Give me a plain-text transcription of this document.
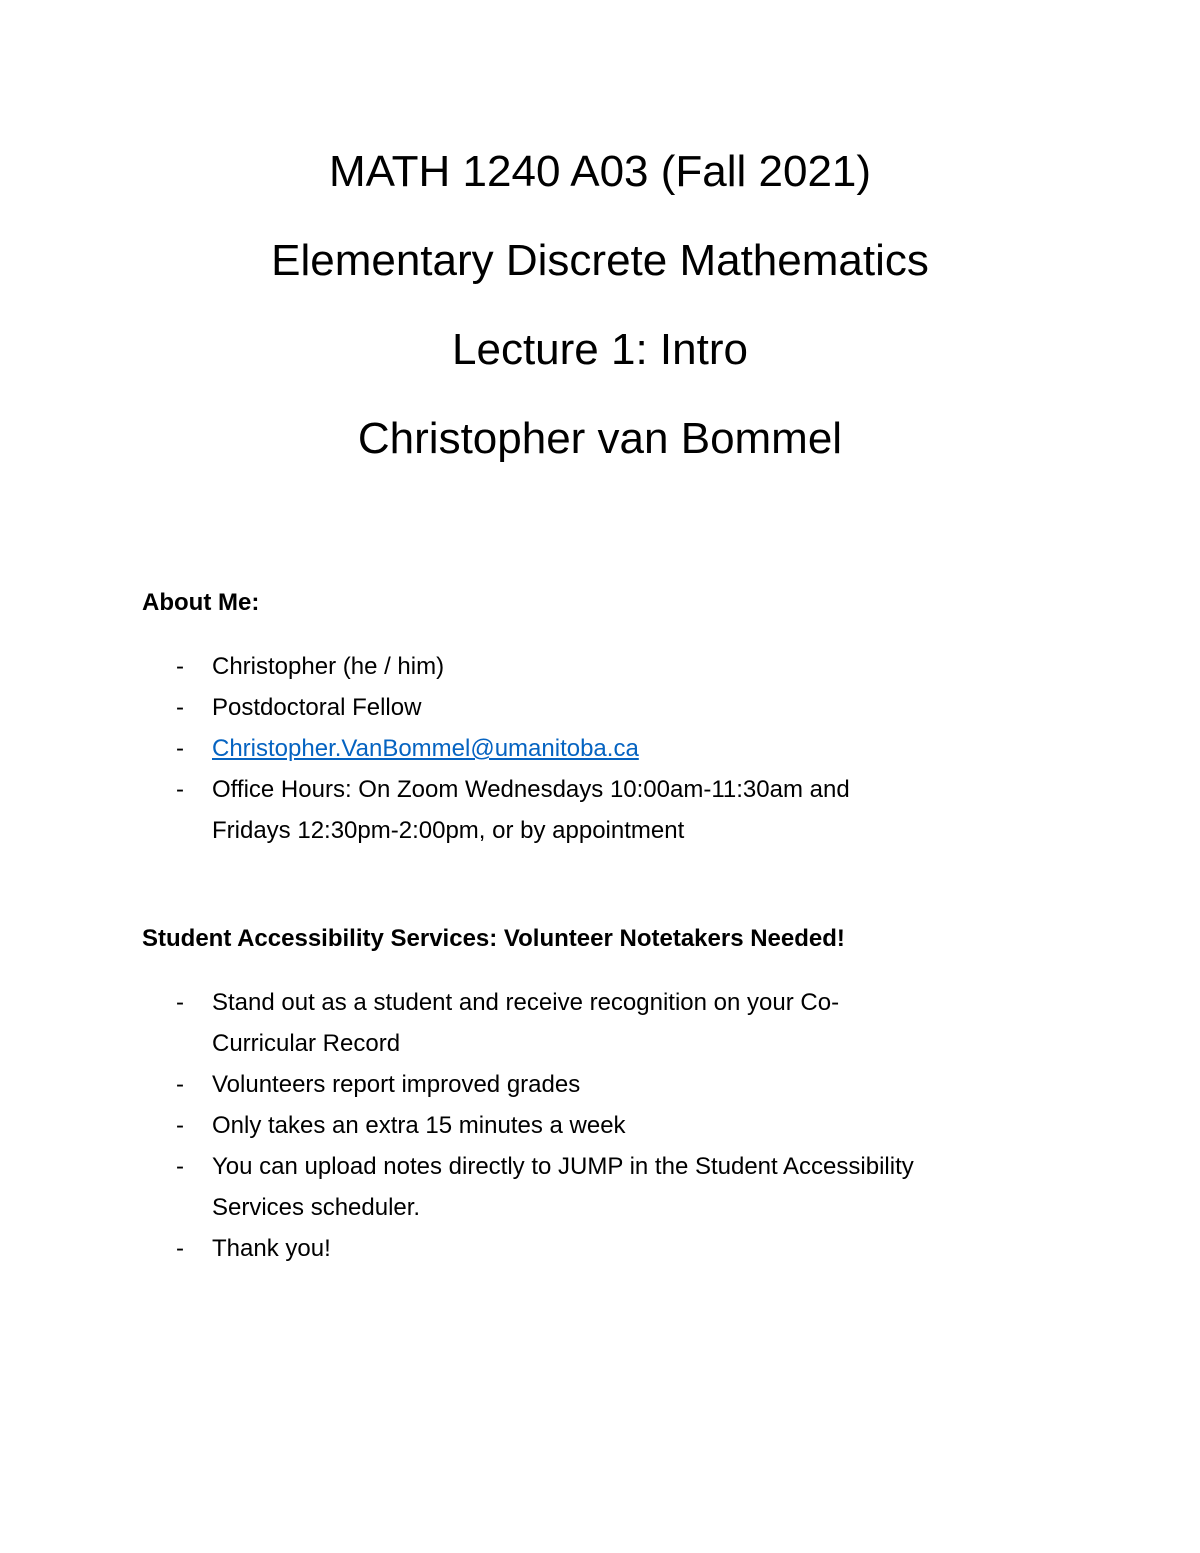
MATH 1240 A03 (Fall 2021)
Elementary Discrete Mathematics
Lecture 1: Intro
Christopher van Bommel
About Me:
- Christopher (he / him)
- Postdoctoral Fellow
- Christopher.VanBommel@umanitoba.ca
- Office Hours: On Zoom Wednesdays 10:00am-11:30am and
Fridays 12:30pm-2:00pm, or by appointment
Student Accessibility Services: Volunteer Notetakers Needed!
- Stand out as a student and receive recognition on your Co-
Curricular Record
- Volunteers report improved grades
- Only takes an extra 15 minutes a week
- You can upload notes directly to JUMP in the Student Accessibility
Services scheduler.
- Thank you!
